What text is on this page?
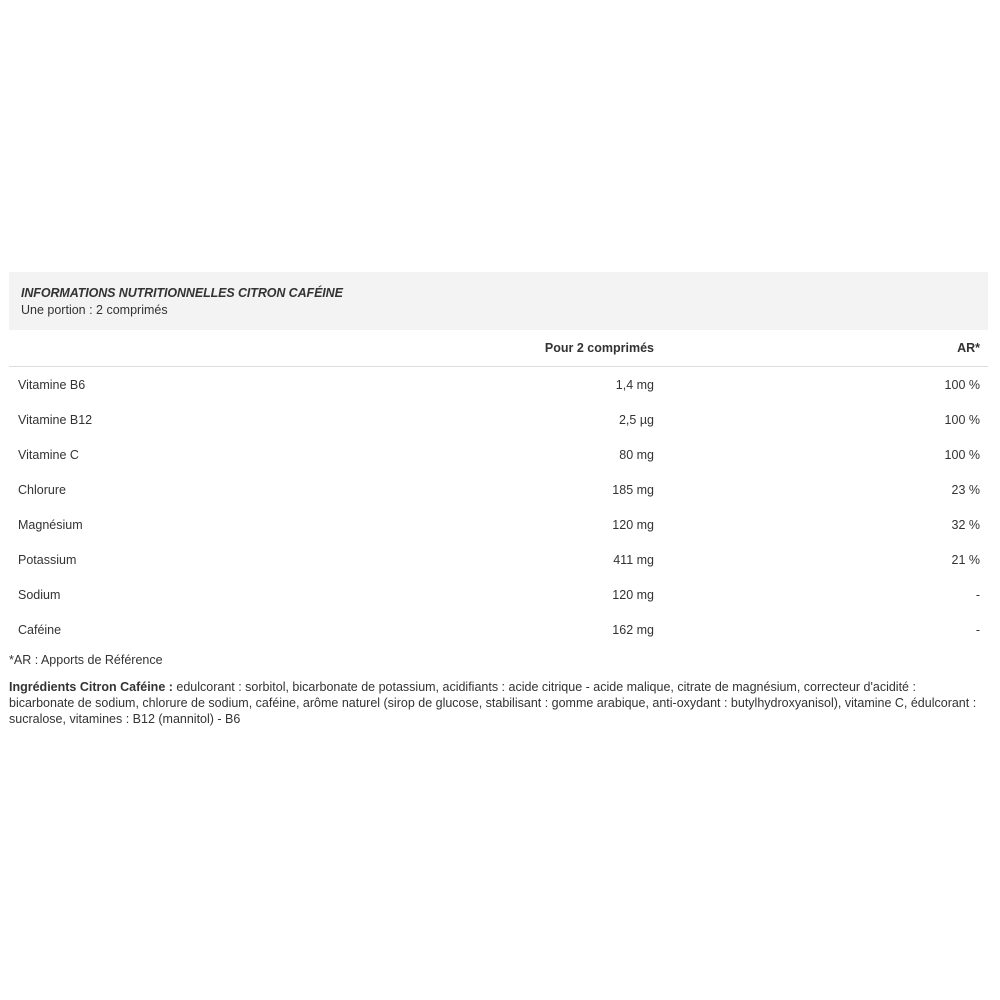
INFORMATIONS NUTRITIONNELLES CITRON CAFÉINE
Une portion : 2 comprimés
	Pour 2 comprimés	AR*
Vitamine B6	1,4 mg	100 %
Vitamine B12	2,5 µg	100 %
Vitamine C	80 mg	100 %
Chlorure	185 mg	23 %
Magnésium	120 mg	32 %
Potassium	411 mg	21 %
Sodium	120 mg	-
Caféine	162 mg	-
*AR : Apports de Référence
Ingrédients Citron Caféine : edulcorant : sorbitol, bicarbonate de potassium, acidifiants : acide citrique - acide malique, citrate de magnésium, correcteur d'acidité : bicarbonate de sodium, chlorure de sodium, caféine, arôme naturel (sirop de glucose, stabilisant : gomme arabique, anti-oxydant : butylhydroxyanisol), vitamine C, édulcorant : sucralose, vitamines : B12 (mannitol) - B6
